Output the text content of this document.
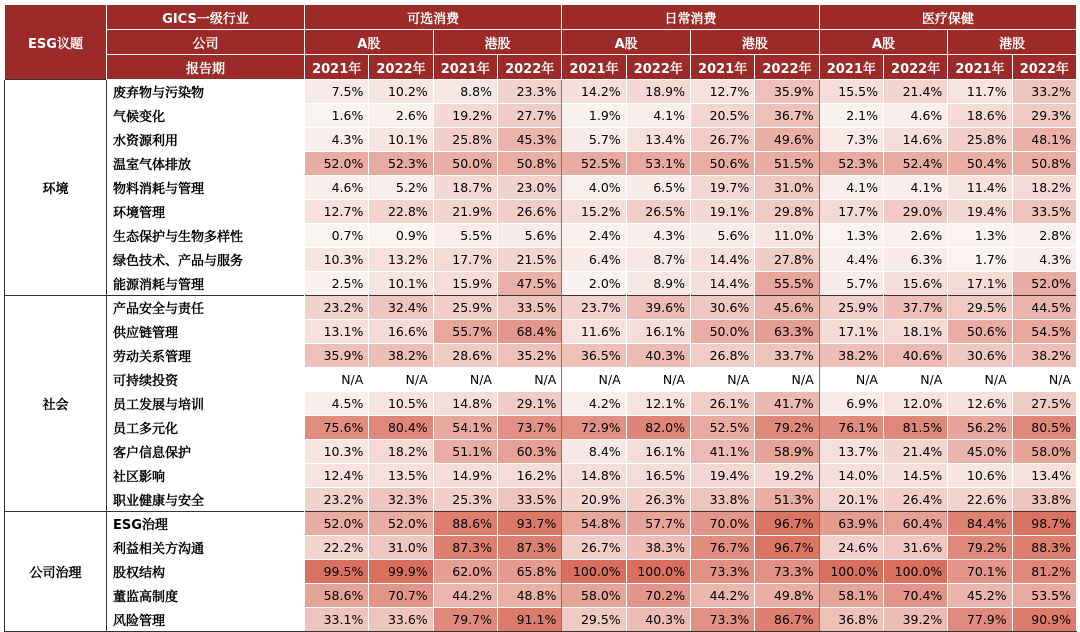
ESG议题	GICS一级行业	可选消费				日常消费				医疗保健			
	公司	A股		港股		A股		港股		A股		港股	
	报告期	2021年	2022年	2021年	2022年	2021年	2022年	2021年	2022年	2021年	2022年	2021年	2022年
环境	废弃物与污染物	7.5%	10.2%	8.8%	23.3%	14.2%	18.9%	12.7%	35.9%	15.5%	21.4%	11.7%	33.2%
	气候变化	1.6%	2.6%	19.2%	27.7%	1.9%	4.1%	20.5%	36.7%	2.1%	4.6%	18.6%	29.3%
	水资源利用	4.3%	10.1%	25.8%	45.3%	5.7%	13.4%	26.7%	49.6%	7.3%	14.6%	25.8%	48.1%
	温室气体排放	52.0%	52.3%	50.0%	50.8%	52.5%	53.1%	50.6%	51.5%	52.3%	52.4%	50.4%	50.8%
	物料消耗与管理	4.6%	5.2%	18.7%	23.0%	4.0%	6.5%	19.7%	31.0%	4.1%	4.1%	11.4%	18.2%
	环境管理	12.7%	22.8%	21.9%	26.6%	15.2%	26.5%	19.1%	29.8%	17.7%	29.0%	19.4%	33.5%
	生态保护与生物多样性	0.7%	0.9%	5.5%	5.6%	2.4%	4.3%	5.6%	11.0%	1.3%	2.6%	1.3%	2.8%
	绿色技术、产品与服务	10.3%	13.2%	17.7%	21.5%	6.4%	8.7%	14.4%	27.8%	4.4%	6.3%	1.7%	4.3%
	能源消耗与管理	2.5%	10.1%	15.9%	47.5%	2.0%	8.9%	14.4%	55.5%	5.7%	15.6%	17.1%	52.0%
社会	产品安全与责任	23.2%	32.4%	25.9%	33.5%	23.7%	39.6%	30.6%	45.6%	25.9%	37.7%	29.5%	44.5%
	供应链管理	13.1%	16.6%	55.7%	68.4%	11.6%	16.1%	50.0%	63.3%	17.1%	18.1%	50.6%	54.5%
	劳动关系管理	35.9%	38.2%	28.6%	35.2%	36.5%	40.3%	26.8%	33.7%	38.2%	40.6%	30.6%	38.2%
	可持续投资	N/A	N/A	N/A	N/A	N/A	N/A	N/A	N/A	N/A	N/A	N/A	N/A
	员工发展与培训	4.5%	10.5%	14.8%	29.1%	4.2%	12.1%	26.1%	41.7%	6.9%	12.0%	12.6%	27.5%
	员工多元化	75.6%	80.4%	54.1%	73.7%	72.9%	82.0%	52.5%	79.2%	76.1%	81.5%	56.2%	80.5%
	客户信息保护	10.3%	18.2%	51.1%	60.3%	8.4%	16.1%	41.1%	58.9%	13.7%	21.4%	45.0%	58.0%
	社区影响	12.4%	13.5%	14.9%	16.2%	14.8%	16.5%	19.4%	19.2%	14.0%	14.5%	10.6%	13.4%
	职业健康与安全	23.2%	32.3%	25.3%	33.5%	20.9%	26.3%	33.8%	51.3%	20.1%	26.4%	22.6%	33.8%
公司治理	ESG治理	52.0%	52.0%	88.6%	93.7%	54.8%	57.7%	70.0%	96.7%	63.9%	60.4%	84.4%	98.7%
	利益相关方沟通	22.2%	31.0%	87.3%	87.3%	26.7%	38.3%	76.7%	96.7%	24.6%	31.6%	79.2%	88.3%
	股权结构	99.5%	99.9%	62.0%	65.8%	100.0%	100.0%	73.3%	73.3%	100.0%	100.0%	70.1%	81.2%
	董监高制度	58.6%	70.7%	44.2%	48.8%	58.0%	70.2%	44.2%	49.8%	58.1%	70.4%	45.2%	53.5%
	风险管理	33.1%	33.6%	79.7%	91.1%	29.5%	40.3%	73.3%	86.7%	36.8%	39.2%	77.9%	90.9%
